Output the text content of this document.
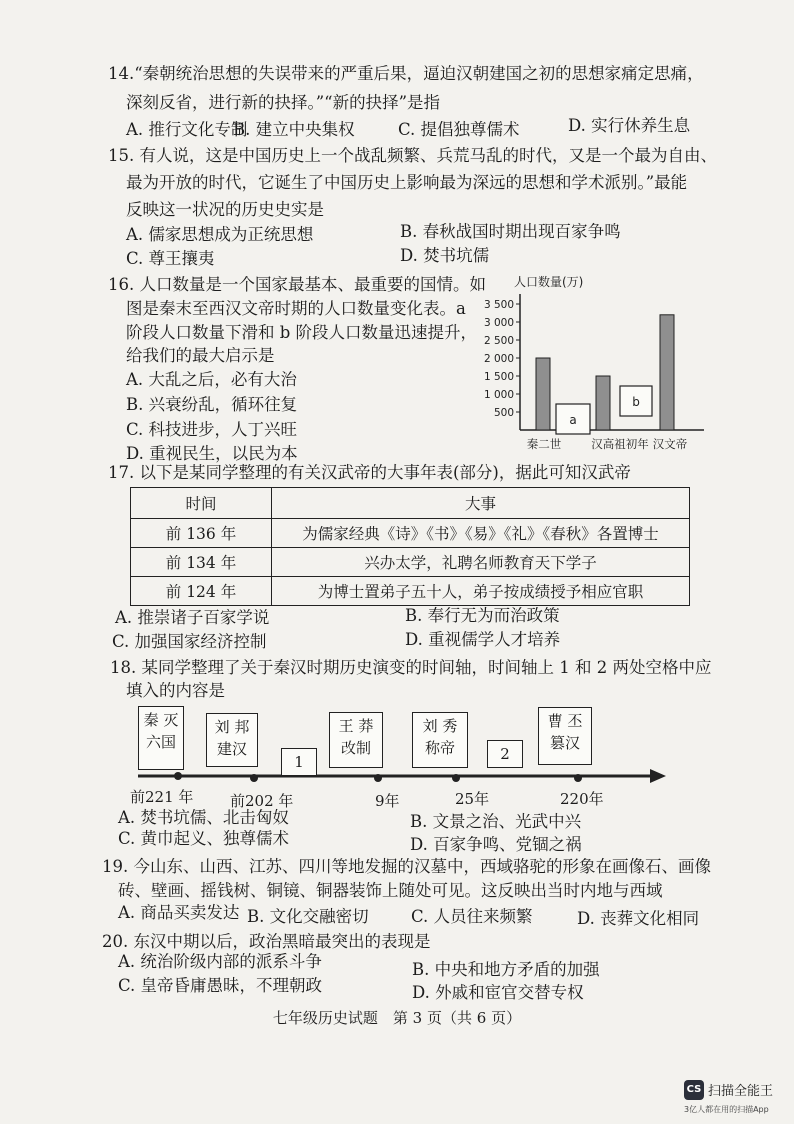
14.“秦朝统治思想的失误带来的严重后果，逼迫汉朝建国之初的思想家痛定思痛，
深刻反省，进行新的抉择。”“新的抉择”是指
A. 推行文化专制
B. 建立中央集权	C. 提倡独尊儒术	D. 实行休养生息
15. 有人说，这是中国历史上一个战乱频繁、兵荒马乱的时代，又是一个最为自由、
最为开放的时代，它诞生了中国历史上影响最为深远的思想和学术派别。”最能
反映这一状况的历史史实是
A. 儒家思想成为正统思想	B. 春秋战国时期出现百家争鸣
C. 尊王攘夷	D. 焚书坑儒
16. 人口数量是一个国家最基本、最重要的国情。如
图是秦末至西汉文帝时期的人口数量变化表。a
阶段人口数量下滑和 b 阶段人口数量迅速提升，
给我们的最大启示是
A. 大乱之后，必有大治
B. 兴衰纷乱，循环往复
C. 科技进步，人丁兴旺
D. 重视民生，以民为本
人口数量(万)
500
1 000
1 500
2 000
2 500
3 000
3 500
a
b
秦二世	汉高祖初年 汉文帝
17. 以下是某同学整理的有关汉武帝的大事年表(部分)，据此可知汉武帝
时间	大事
前 136 年	为儒家经典《诗》《书》《易》《礼》《春秋》各置博士
前 134 年	兴办太学，礼聘名师教育天下学子
前 124 年	为博士置弟子五十人，弟子按成绩授予相应官职
A. 推崇诸子百家学说	B. 奉行无为而治政策
C. 加强国家经济控制	D. 重视儒学人才培养
18. 某同学整理了关于秦汉时期历史演变的时间轴，时间轴上 1 和 2 两处空格中应
填入的内容是
秦 灭
六国
刘 邦
建汉
1
王 莽
改制
刘 秀
称帝	2
曹 丕
篡汉
前221 年 前202 年	9年	25年	220年
A. 焚书坑儒、北击匈奴	B. 文景之治、光武中兴
C. 黄巾起义、独尊儒术	D. 百家争鸣、党锢之祸
19. 今山东、山西、江苏、四川等地发掘的汉墓中，西域骆驼的形象在画像石、画像
砖、壁画、摇钱树、铜镜、铜器装饰上随处可见。这反映出当时内地与西域
A. 商品买卖发达 B. 文化交融密切	C. 人员往来频繁	D. 丧葬文化相同
20. 东汉中期以后，政治黑暗最突出的表现是
A. 统治阶级内部的派系斗争	B. 中央和地方矛盾的加强
C. 皇帝昏庸愚昧，不理朝政	D. 外戚和宦官交替专权
七年级历史试题　第 3 页（共 6 页）
CS 扫描全能王
3亿人都在用的扫描App
